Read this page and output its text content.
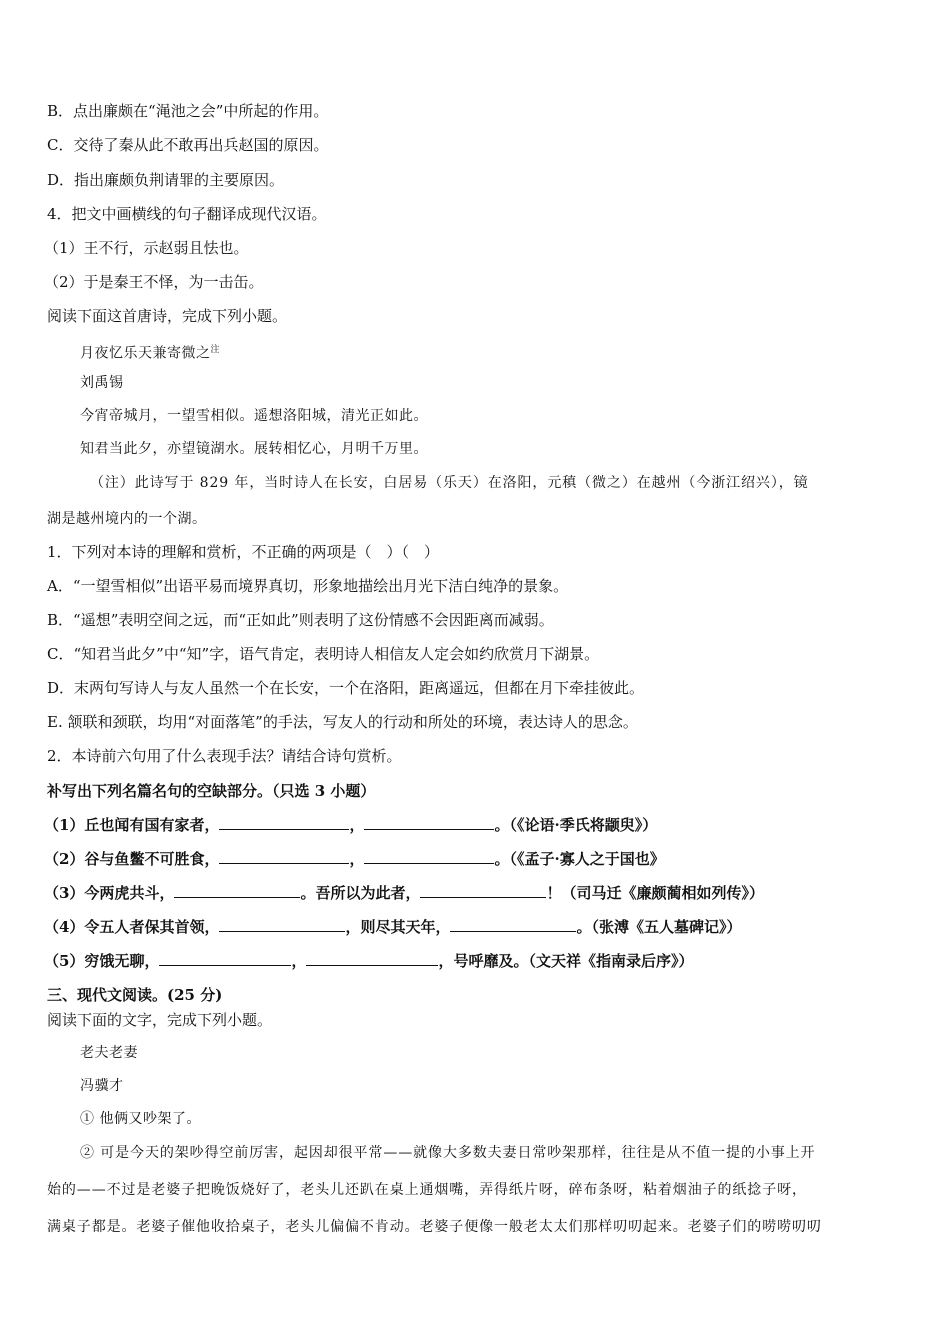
B．点出廉颇在“渑池之会”中所起的作用。
C．交待了秦从此不敢再出兵赵国的原因。
D．指出廉颇负荆请罪的主要原因。
4．把文中画横线的句子翻译成现代汉语。
（1）王不行，示赵弱且怯也。
（2）于是秦王不怿，为一击缶。
阅读下面这首唐诗，完成下列小题。
月夜忆乐天兼寄微之$^注$
刘禹锡
今宵帝城月，一望雪相似。遥想洛阳城，清光正如此。
知君当此夕，亦望镜湖水。展转相忆心，月明千万里。
（注）此诗写于 829 年，当时诗人在长安，白居易（乐天）在洛阳，元稹（微之）在越州（今浙江绍兴），镜
湖是越州境内的一个湖。
1．下列对本诗的理解和赏析，不正确的两项是（　）（　）
A．“一望雪相似”出语平易而境界真切，形象地描绘出月光下洁白纯净的景象。
B．“遥想”表明空间之远，而“正如此”则表明了这份情感不会因距离而减弱。
C．“知君当此夕”中“知”字，语气肯定，表明诗人相信友人定会如约欣赏月下湖景。
D．末两句写诗人与友人虽然一个在长安，一个在洛阳，距离遥远，但都在月下牵挂彼此。
E. 颔联和颈联，均用“对面落笔”的手法，写友人的行动和所处的环境，表达诗人的思念。
2．本诗前六句用了什么表现手法？请结合诗句赏析。
补写出下列名篇名句的空缺部分。（只选 3 小题）
（1）丘也闻有国有家者，	，	。（《论语·季氏将颛臾》）
（2）谷与鱼鳖不可胜食，	，	。（《孟子·寡人之于国也》
（3）今两虎共斗，	。吾所以为此者，	！（司马迁《廉颇蔺相如列传》）
（4）令五人者保其首领，	，则尽其天年，	。（张溥《五人墓碑记》）
（5）穷饿无聊，	，	，号呼靡及。（文天祥《指南录后序》）
三、现代文阅读。(25 分)
阅读下面的文字，完成下列小题。
老夫老妻
冯骥才
① 他俩又吵架了。
② 可是今天的架吵得空前厉害，起因却很平常——就像大多数夫妻日常吵架那样，往往是从不值一提的小事上开
始的——不过是老婆子把晚饭烧好了，老头儿还趴在桌上通烟嘴，弄得纸片呀，碎布条呀，粘着烟油子的纸捻子呀，
满桌子都是。老婆子催他收拾桌子，老头儿偏偏不肯动。老婆子便像一般老太太们那样叨叨起来。老婆子们的唠唠叨叨
